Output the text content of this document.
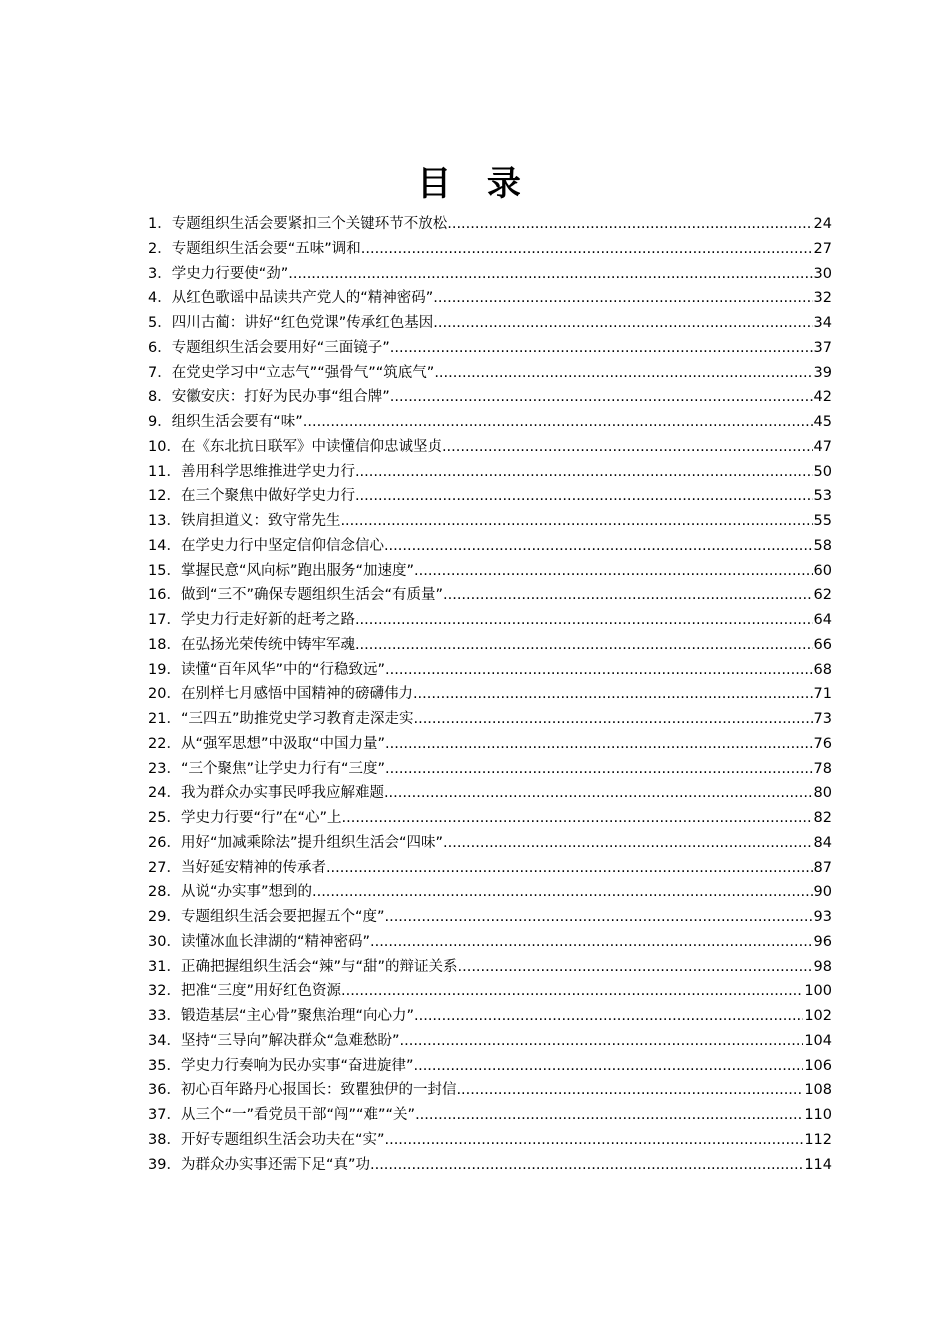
目 录
1． 专题组织生活会要紧扣三个关键环节不放松 .....	24
2． 专题组织生活会要“五味”调和 .....	27
3． 学史力行要使“劲” .....	30
4． 从红色歌谣中品读共产党人的“精神密码” .....	32
5． 四川古蔺：讲好“红色党课”传承红色基因 .....	34
6． 专题组织生活会要用好“三面镜子” .....	37
7． 在党史学习中“立志气”“强骨气”“筑底气” .....	39
8． 安徽安庆：打好为民办事“组合牌” .....	42
9． 组织生活会要有“味” .....	45
10． 在《东北抗日联军》中读懂信仰忠诚坚贞 .....	47
11． 善用科学思维推进学史力行 .....	50
12． 在三个聚焦中做好学史力行 .....	53
13． 铁肩担道义：致守常先生 .....	55
14． 在学史力行中坚定信仰信念信心 .....	58
15． 掌握民意“风向标”跑出服务“加速度” .....	60
16． 做到“三不”确保专题组织生活会“有质量” .....	62
17． 学史力行走好新的赶考之路 .....	64
18． 在弘扬光荣传统中铸牢军魂 .....	66
19． 读懂“百年风华”中的“行稳致远” .....	68
20． 在别样七月感悟中国精神的磅礴伟力 .....	71
21． “三四五”助推党史学习教育走深走实 .....	73
22． 从“强军思想”中汲取“中国力量” .....	76
23． “三个聚焦”让学史力行有“三度” .....	78
24． 我为群众办实事民呼我应解难题 .....	80
25． 学史力行要“行”在“心”上 .....	82
26． 用好“加减乘除法”提升组织生活会“四味” .....	84
27． 当好延安精神的传承者 .....	87
28． 从说“办实事”想到的 .....	90
29． 专题组织生活会要把握五个“度” .....	93
30． 读懂冰血长津湖的“精神密码” .....	96
31． 正确把握组织生活会“辣”与“甜”的辩证关系 .....	98
32． 把准“三度”用好红色资源 .....	100
33． 锻造基层“主心骨”聚焦治理“向心力” .....	102
34． 坚持“三导向”解决群众“急难愁盼” .....	104
35． 学史力行奏响为民办实事“奋进旋律” .....	106
36． 初心百年路丹心报国长：致瞿独伊的一封信 .....	108
37． 从三个“一”看党员干部“闯”“难”“关” .....	110
38． 开好专题组织生活会功夫在“实” .....	112
39． 为群众办实事还需下足“真”功 .....	114
